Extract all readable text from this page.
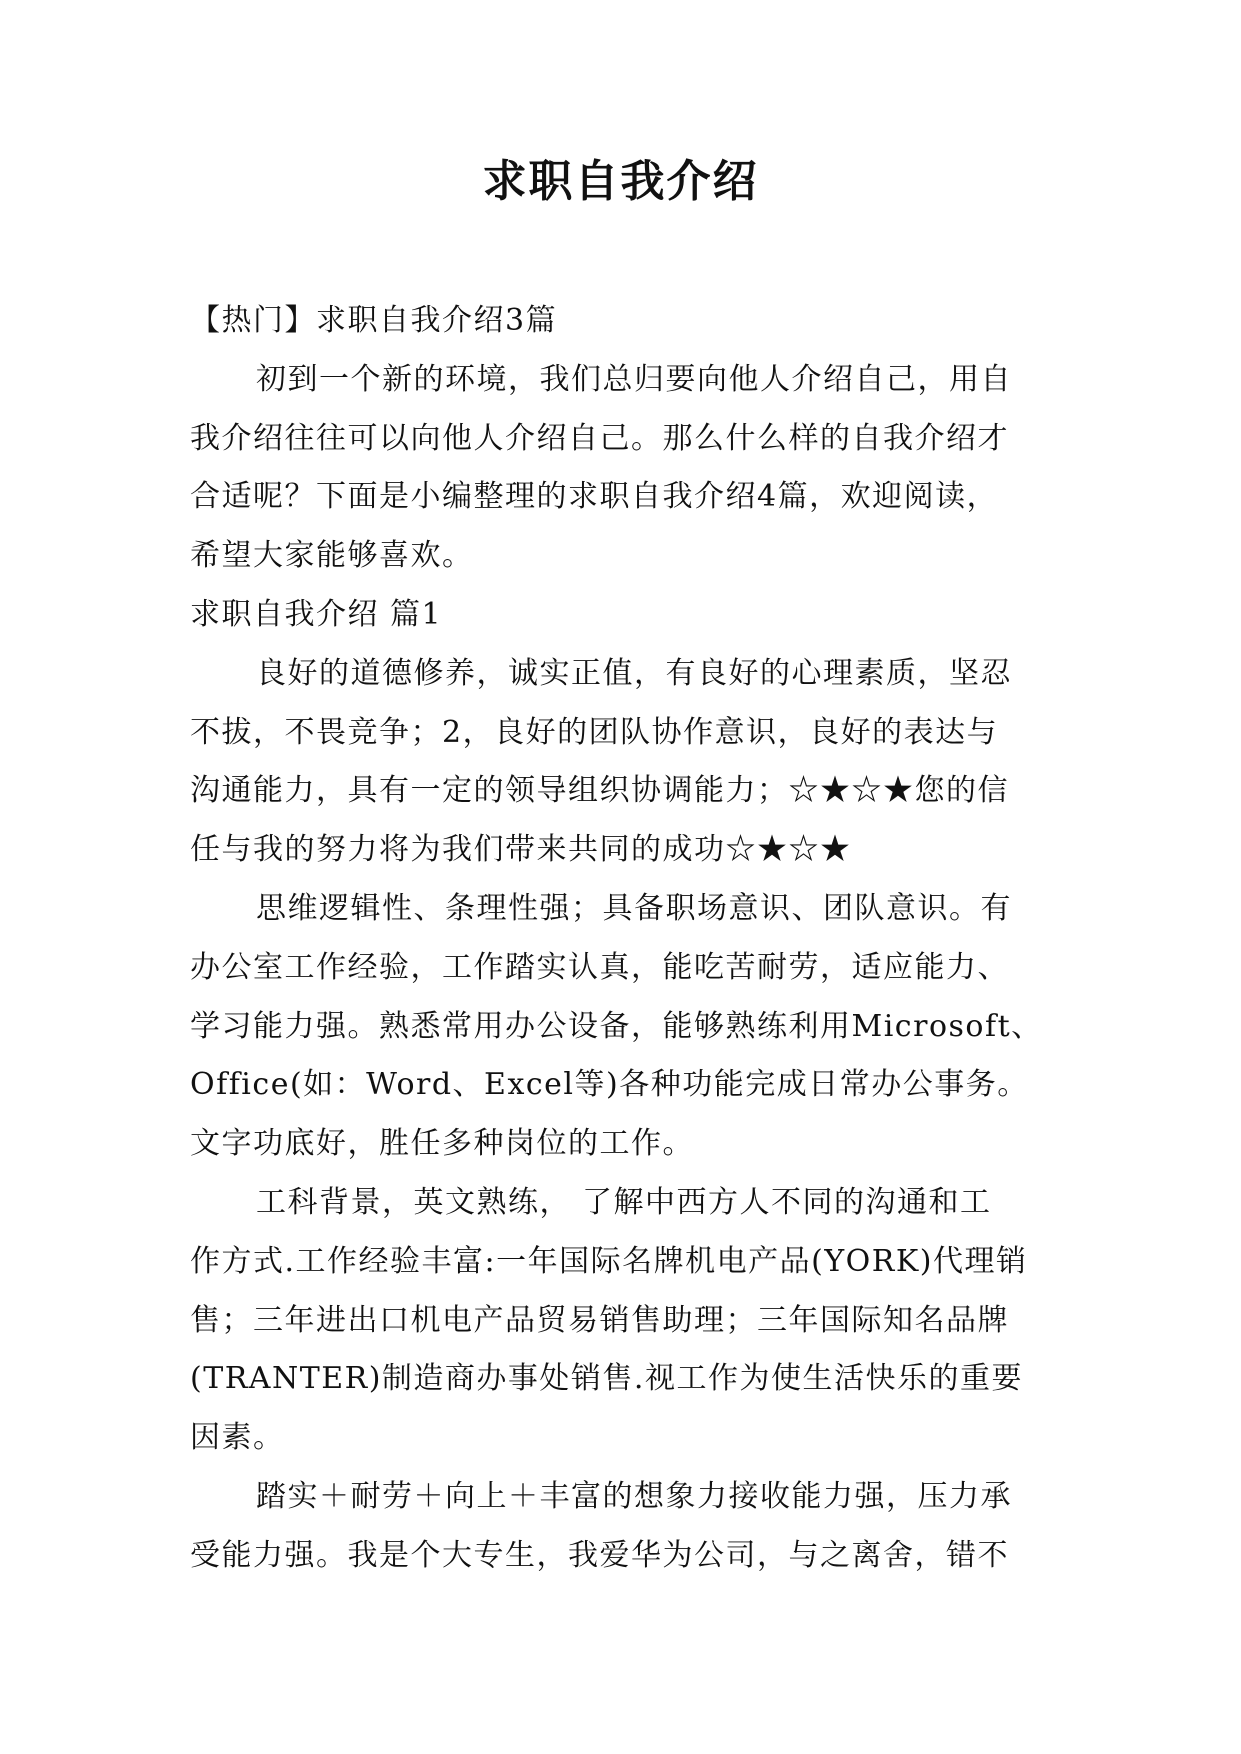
求职自我介绍

【热门】求职自我介绍3篇

初到一个新的环境，我们总归要向他人介绍自己，用自

我介绍往往可以向他人介绍自己。那么什么样的自我介绍才

合适呢？下面是小编整理的求职自我介绍4篇，欢迎阅读，

希望大家能够喜欢。

求职自我介绍 篇1

良好的道德修养，诚实正值，有良好的心理素质，坚忍

不拔，不畏竞争；2，良好的团队协作意识，良好的表达与

沟通能力，具有一定的领导组织协调能力；☆★☆★您的信

任与我的努力将为我们带来共同的成功☆★☆★

思维逻辑性、条理性强；具备职场意识、团队意识。有

办公室工作经验，工作踏实认真，能吃苦耐劳，适应能力、

学习能力强。熟悉常用办公设备，能够熟练利用Microsoft、

Office(如：Word、Excel等)各种功能完成日常办公事务。

文字功底好，胜任多种岗位的工作。

工科背景，英文熟练， 了解中西方人不同的沟通和工

作方式.工作经验丰富:一年国际名牌机电产品(YORK)代理销

售；三年进出口机电产品贸易销售助理；三年国际知名品牌

(TRANTER)制造商办事处销售.视工作为使生活快乐的重要

因素。

踏实＋耐劳＋向上＋丰富的想象力接收能力强，压力承

受能力强。我是个大专生，我爱华为公司，与之离舍，错不
